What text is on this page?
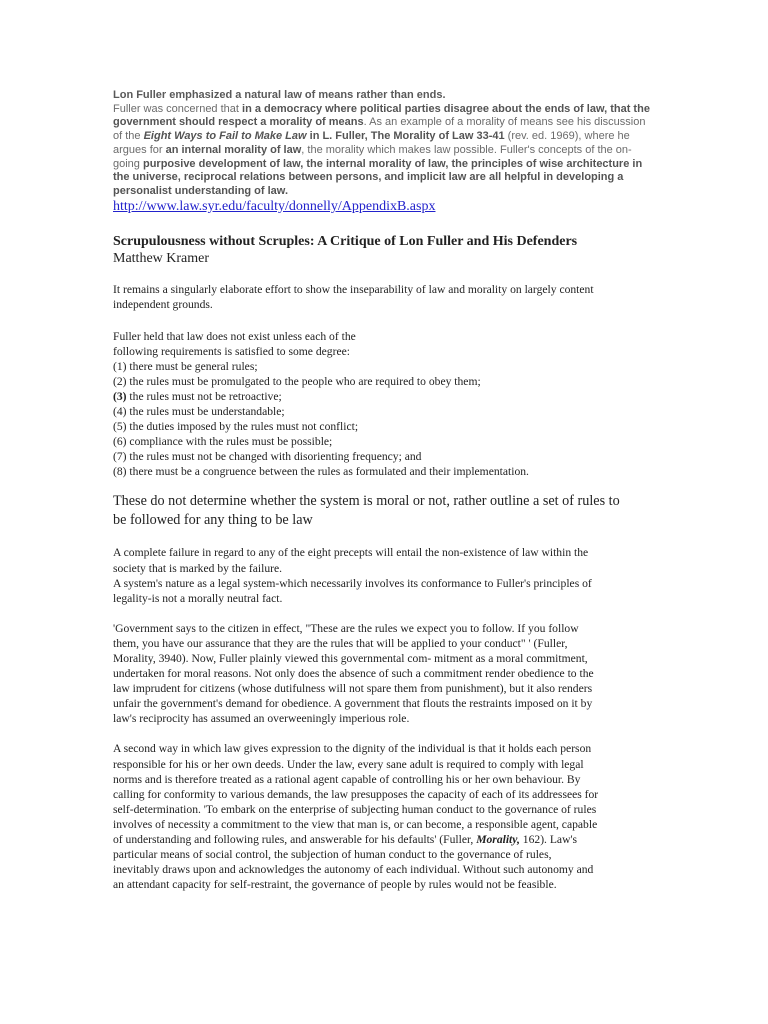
Lon Fuller emphasized a natural law of means rather than ends.
Fuller was concerned that in a democracy where political parties disagree about the ends of law, that the government should respect a morality of means. As an example of a morality of means see his discussion of the Eight Ways to Fail to Make Law in L. Fuller, The Morality of Law 33-41 (rev. ed. 1969), where he argues for an internal morality of law, the morality which makes law possible. Fuller's concepts of the on-going purposive development of law, the internal morality of law, the principles of wise architecture in the universe, reciprocal relations between persons, and implicit law are all helpful in developing a personalist understanding of law.
http://www.law.syr.edu/faculty/donnelly/AppendixB.aspx
Scrupulousness without Scruples: A Critique of Lon Fuller and His Defenders
Matthew Kramer
It remains a singularly elaborate effort to show the inseparability of law and morality on largely content
independent grounds.
Fuller held that law does not exist unless each of the
following requirements is satisfied to some degree:
(1) there must be general rules;
(2) the rules must be promulgated to the people who are required to obey them;
(3) the rules must not be retroactive;
(4) the rules must be understandable;
(5) the duties imposed by the rules must not conflict;
(6) compliance with the rules must be possible;
(7) the rules must not be changed with disorienting frequency; and
(8) there must be a congruence between the rules as formulated and their implementation.
These do not determine whether the system is moral or not, rather outline a set of rules to
be followed for any thing to be law
A complete failure in regard to any of the eight precepts will entail the non-existence of law within the
society that is marked by the failure.
A system's nature as a legal system-which necessarily involves its conformance to Fuller's principles of
legality-is not a morally neutral fact.
'Government says to the citizen in effect, "These are the rules we expect you to follow. If you follow
them, you have our assurance that they are the rules that will be applied to your conduct" ' (Fuller,
Morality, 3940). Now, Fuller plainly viewed this governmental com- mitment as a moral commitment,
undertaken for moral reasons. Not only does the absence of such a commitment render obedience to the
law imprudent for citizens (whose dutifulness will not spare them from punishment), but it also renders
unfair the government's demand for obedience. A government that flouts the restraints imposed on it by
law's reciprocity has assumed an overweeningly imperious role.
A second way in which law gives expression to the dignity of the individual is that it holds each person
responsible for his or her own deeds. Under the law, every sane adult is required to comply with legal
norms and is therefore treated as a rational agent capable of controlling his or her own behaviour. By
calling for conformity to various demands, the law presupposes the capacity of each of its addressees for
self-determination. 'To embark on the enterprise of subjecting human conduct to the governance of rules
involves of necessity a commitment to the view that man is, or can become, a responsible agent, capable
of understanding and following rules, and answerable for his defaults' (Fuller, Morality, 162). Law's
particular means of social control, the subjection of human conduct to the governance of rules,
inevitably draws upon and acknowledges the autonomy of each individual. Without such autonomy and
an attendant capacity for self-restraint, the governance of people by rules would not be feasible.
